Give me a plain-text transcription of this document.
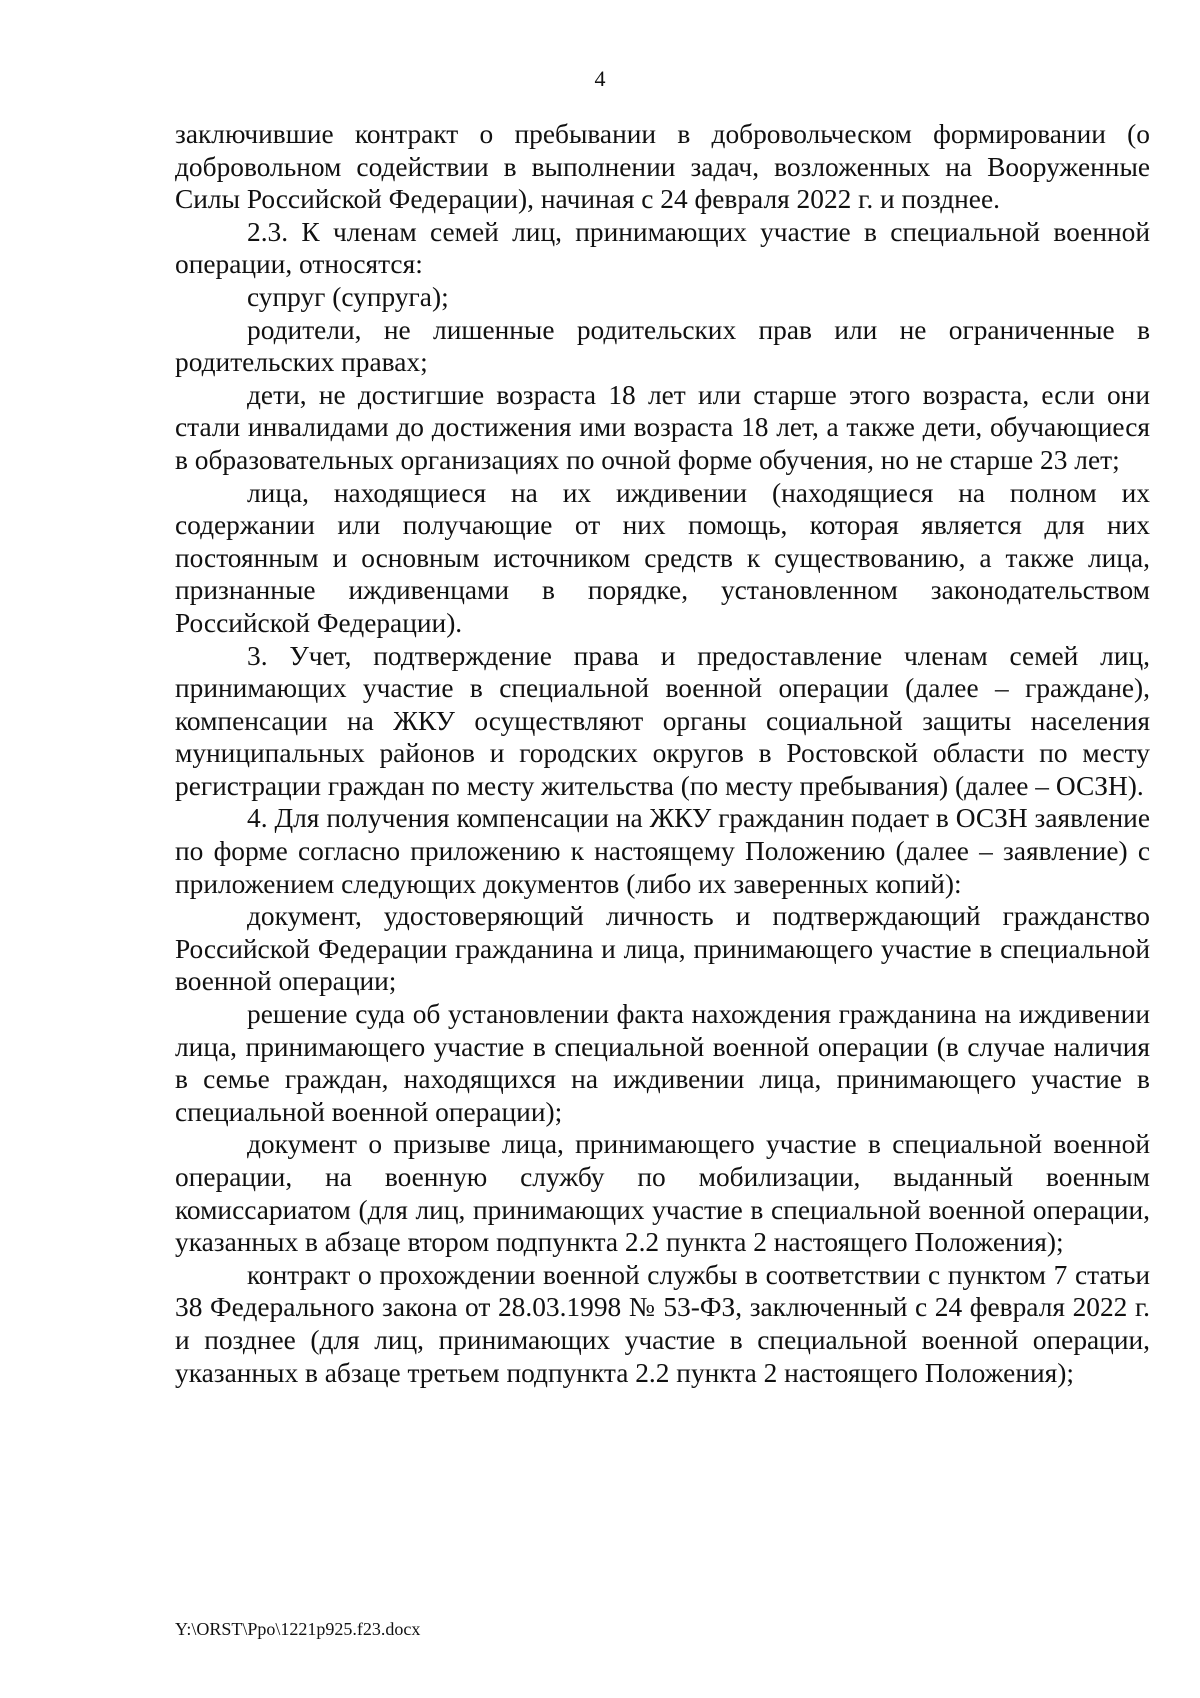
4

заключившие контракт о пребывании в добровольческом формировании (о добровольном содействии в выполнении задач, возложенных на Вооруженные Силы Российской Федерации), начиная с 24 февраля 2022 г. и позднее.

2.3. К членам семей лиц, принимающих участие в специальной военной операции, относятся:

супруг (супруга);

родители, не лишенные родительских прав или не ограниченные в родительских правах;

дети, не достигшие возраста 18 лет или старше этого возраста, если они стали инвалидами до достижения ими возраста 18 лет, а также дети, обучающиеся в образовательных организациях по очной форме обучения, но не старше 23 лет;

лица, находящиеся на их иждивении (находящиеся на полном их содержании или получающие от них помощь, которая является для них постоянным и основным источником средств к существованию, а также лица, признанные иждивенцами в порядке, установленном законодательством Российской Федерации).

3. Учет, подтверждение права и предоставление членам семей лиц, принимающих участие в специальной военной операции (далее – граждане), компенсации на ЖКУ осуществляют органы социальной защиты населения муниципальных районов и городских округов в Ростовской области по месту регистрации граждан по месту жительства (по месту пребывания) (далее – ОСЗН).

4. Для получения компенсации на ЖКУ гражданин подает в ОСЗН заявление по форме согласно приложению к настоящему Положению (далее – заявление) с приложением следующих документов (либо их заверенных копий):

документ, удостоверяющий личность и подтверждающий гражданство Российской Федерации гражданина и лица, принимающего участие в специальной военной операции;

решение суда об установлении факта нахождения гражданина на иждивении лица, принимающего участие в специальной военной операции (в случае наличия в семье граждан, находящихся на иждивении лица, принимающего участие в специальной военной операции);

документ о призыве лица, принимающего участие в специальной военной операции, на военную службу по мобилизации, выданный военным комиссариатом (для лиц, принимающих участие в специальной военной операции, указанных в абзаце втором подпункта 2.2 пункта 2 настоящего Положения);

контракт о прохождении военной службы в соответствии с пунктом 7 статьи 38 Федерального закона от 28.03.1998 № 53-ФЗ, заключенный с 24 февраля 2022 г. и позднее (для лиц, принимающих участие в специальной военной операции, указанных в абзаце третьем подпункта 2.2 пункта 2 настоящего Положения);

Y:\ORST\Ppo\1221p925.f23.docx
